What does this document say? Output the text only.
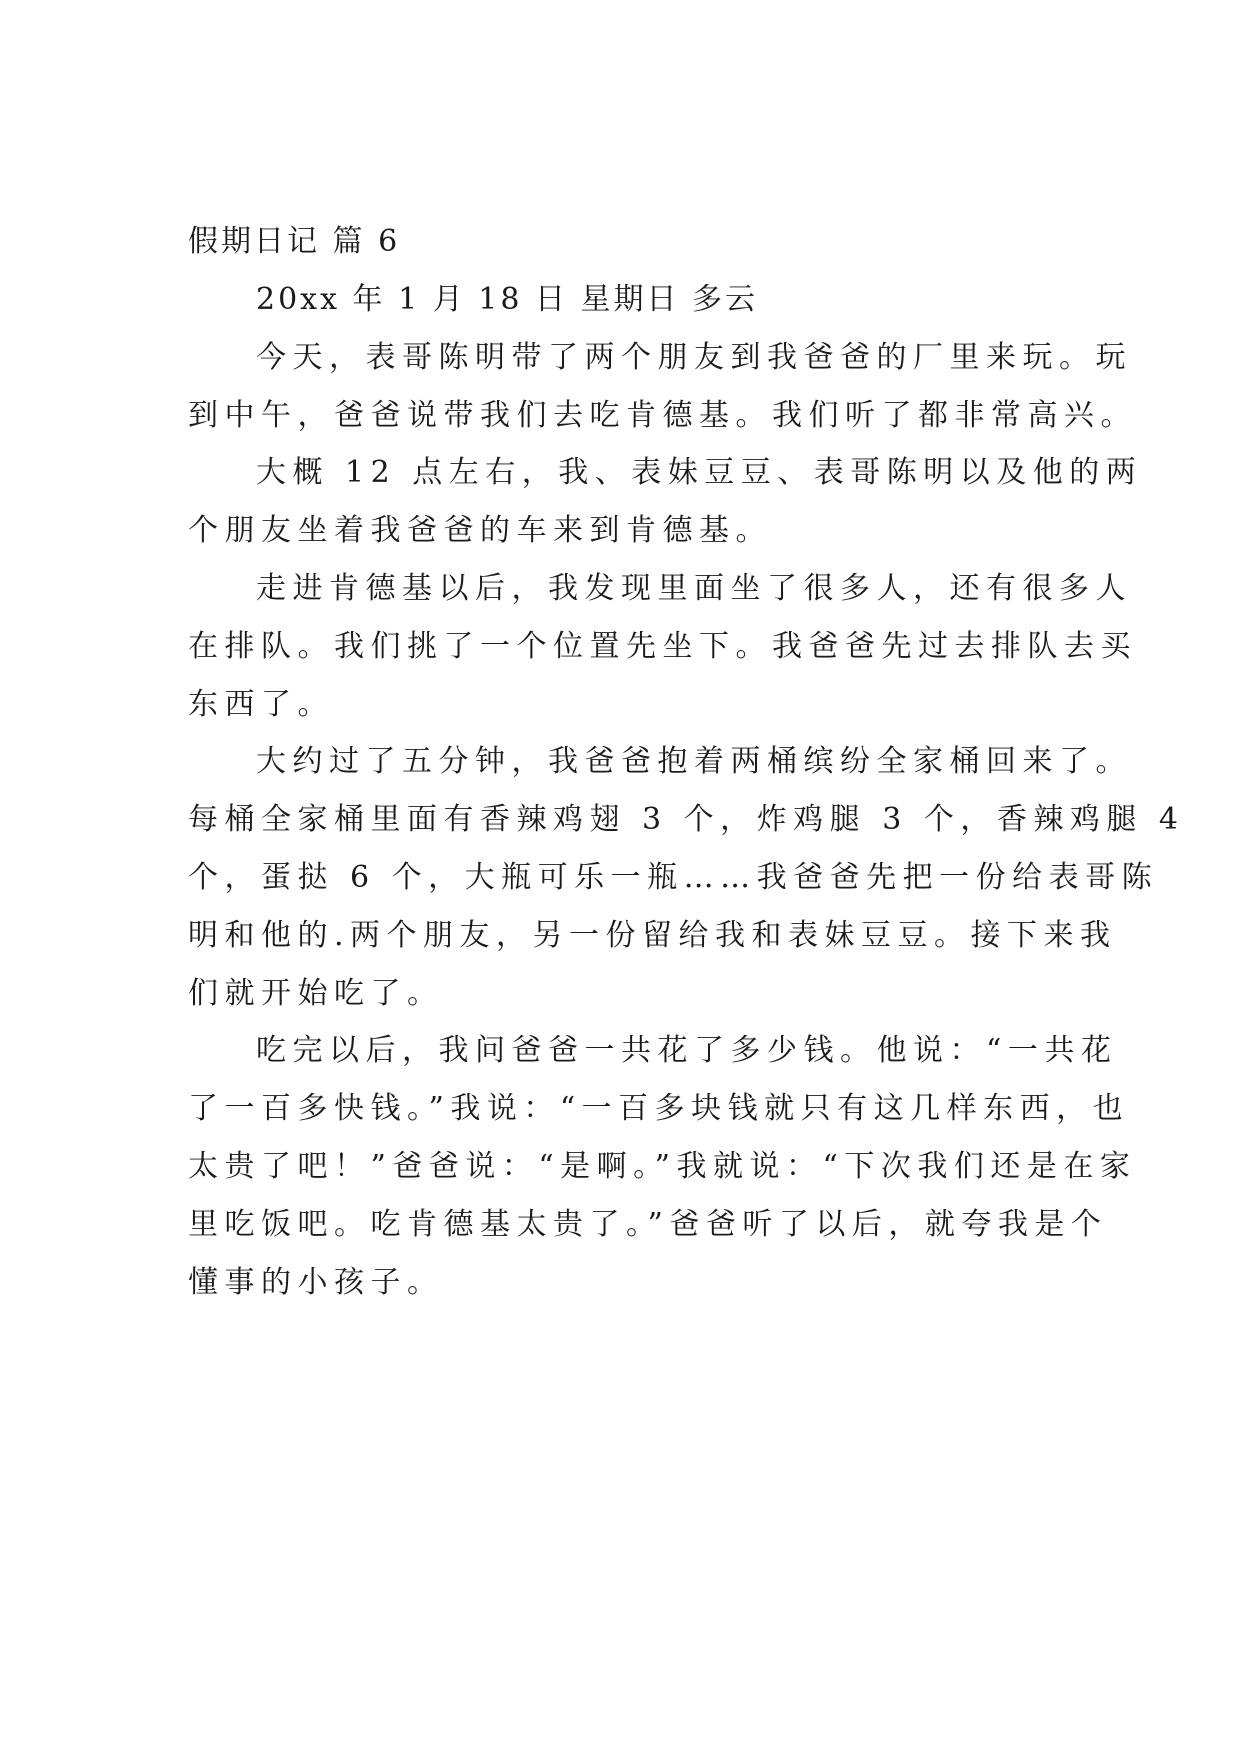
假期日记 篇 6
20xx 年 1 月 18 日 星期日 多云
今天，表哥陈明带了两个朋友到我爸爸的厂里来玩。玩
到中午，爸爸说带我们去吃肯德基。我们听了都非常高兴。
大概 12 点左右，我、表妹豆豆、表哥陈明以及他的两
个朋友坐着我爸爸的车来到肯德基。
走进肯德基以后，我发现里面坐了很多人，还有很多人
在排队。我们挑了一个位置先坐下。我爸爸先过去排队去买
东西了。
大约过了五分钟，我爸爸抱着两桶缤纷全家桶回来了。
每桶全家桶里面有香辣鸡翅 3 个，炸鸡腿 3 个，香辣鸡腿 4
个，蛋挞 6 个，大瓶可乐一瓶……我爸爸先把一份给表哥陈
明和他的.两个朋友，另一份留给我和表妹豆豆。接下来我
们就开始吃了。
吃完以后，我问爸爸一共花了多少钱。他说：“一共花
了一百多快钱。”我说：“一百多块钱就只有这几样东西，也
太贵了吧！”爸爸说：“是啊。”我就说：“下次我们还是在家
里吃饭吧。吃肯德基太贵了。”爸爸听了以后，就夸我是个
懂事的小孩子。
